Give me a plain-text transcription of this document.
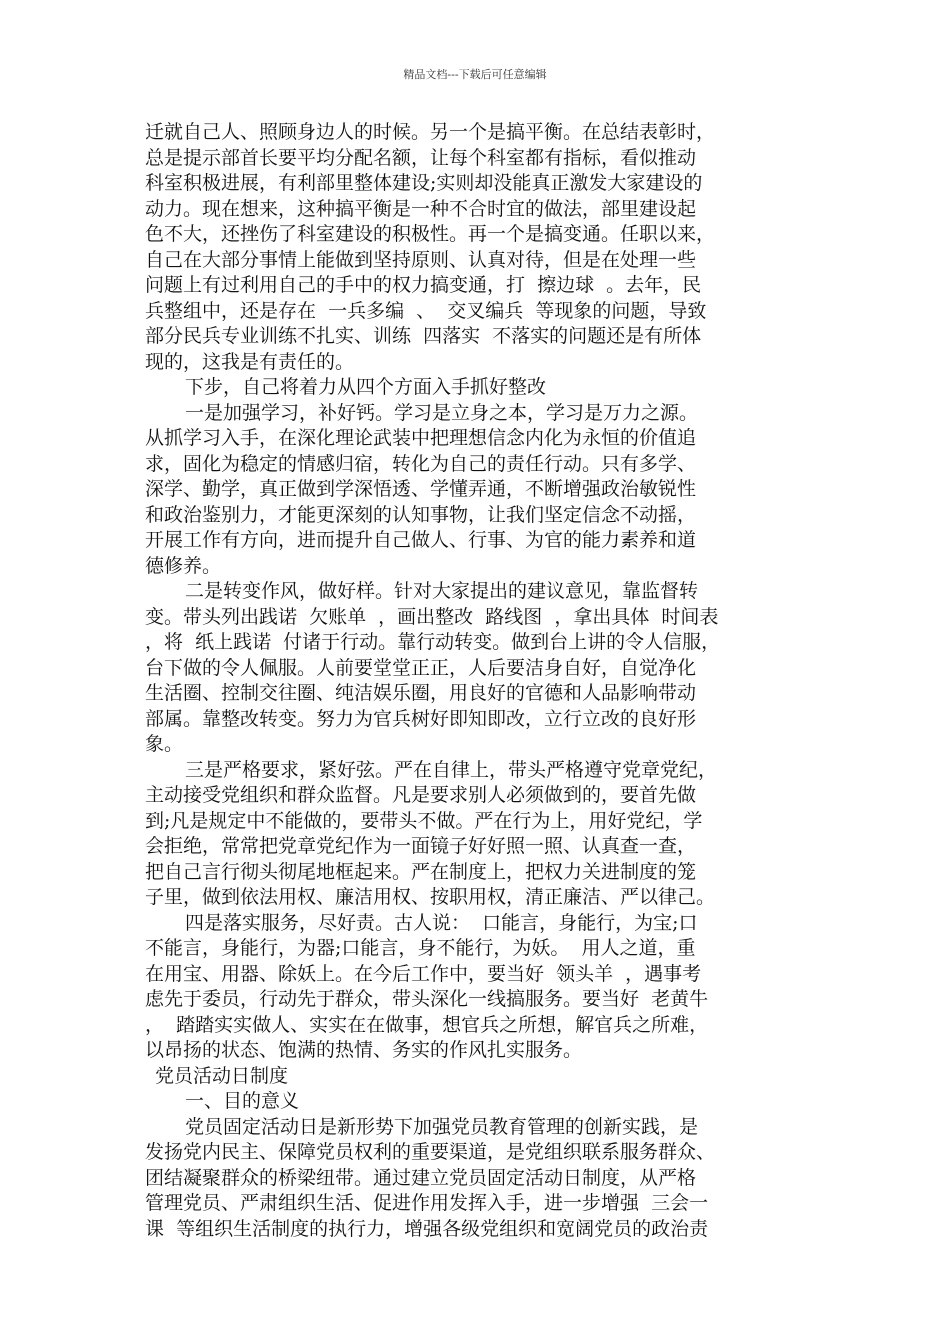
精品文档---下载后可任意编辑
迁就自己人、照顾身边人的时候。另一个是搞平衡。在总结表彰时，
总是提示部首长要平均分配名额，让每个科室都有指标，看似推动
科室积极进展，有利部里整体建设;实则却没能真正激发大家建设的
动力。现在想来，这种搞平衡是一种不合时宜的做法，部里建设起
色不大，还挫伤了科室建设的积极性。再一个是搞变通。任职以来，
自己在大部分事情上能做到坚持原则、认真对待，但是在处理一些
问题上有过利用自己的手中的权力搞变通，打  擦边球  。去年，民
兵整组中，还是存在  一兵多编  、  交叉编兵  等现象的问题，导致
部分民兵专业训练不扎实、训练  四落实  不落实的问题还是有所体
现的，这我是有责任的。
下步，自己将着力从四个方面入手抓好整改
一是加强学习，补好钙。学习是立身之本，学习是万力之源。
从抓学习入手，在深化理论武装中把理想信念内化为永恒的价值追
求，固化为稳定的情感归宿，转化为自己的责任行动。只有多学、
深学、勤学，真正做到学深悟透、学懂弄通，不断增强政治敏锐性
和政治鉴别力，才能更深刻的认知事物，让我们坚定信念不动摇，
开展工作有方向，进而提升自己做人、行事、为官的能力素养和道
德修养。
二是转变作风，做好样。针对大家提出的建议意见，靠监督转
变。带头列出践诺  欠账单  ，画出整改  路线图  ，拿出具体  时间表
，将  纸上践诺  付诸于行动。靠行动转变。做到台上讲的令人信服，
台下做的令人佩服。人前要堂堂正正，人后要洁身自好，自觉净化
生活圈、控制交往圈、纯洁娱乐圈，用良好的官德和人品影响带动
部属。靠整改转变。努力为官兵树好即知即改，立行立改的良好形
象。
三是严格要求，紧好弦。严在自律上，带头严格遵守党章党纪，
主动接受党组织和群众监督。凡是要求别人必须做到的，要首先做
到;凡是规定中不能做的，要带头不做。严在行为上，用好党纪，学
会拒绝，常常把党章党纪作为一面镜子好好照一照、认真查一查，
把自己言行彻头彻尾地框起来。严在制度上，把权力关进制度的笼
子里，做到依法用权、廉洁用权、按职用权，清正廉洁、严以律己。
四是落实服务，尽好责。古人说：  口能言，身能行，为宝;口
不能言，身能行，为器;口能言，身不能行，为妖。  用人之道，重
在用宝、用器、除妖上。在今后工作中，要当好  领头羊  ，遇事考
虑先于委员，行动先于群众，带头深化一线搞服务。要当好  老黄牛
，  踏踏实实做人、实实在在做事，想官兵之所想，解官兵之所难，
以昂扬的状态、饱满的热情、务实的作风扎实服务。
党员活动日制度
一、目的意义
党员固定活动日是新形势下加强党员教育管理的创新实践，是
发扬党内民主、保障党员权利的重要渠道，是党组织联系服务群众、
团结凝聚群众的桥梁纽带。通过建立党员固定活动日制度，从严格
管理党员、严肃组织生活、促进作用发挥入手，进一步增强  三会一
课  等组织生活制度的执行力，增强各级党组织和宽阔党员的政治责
